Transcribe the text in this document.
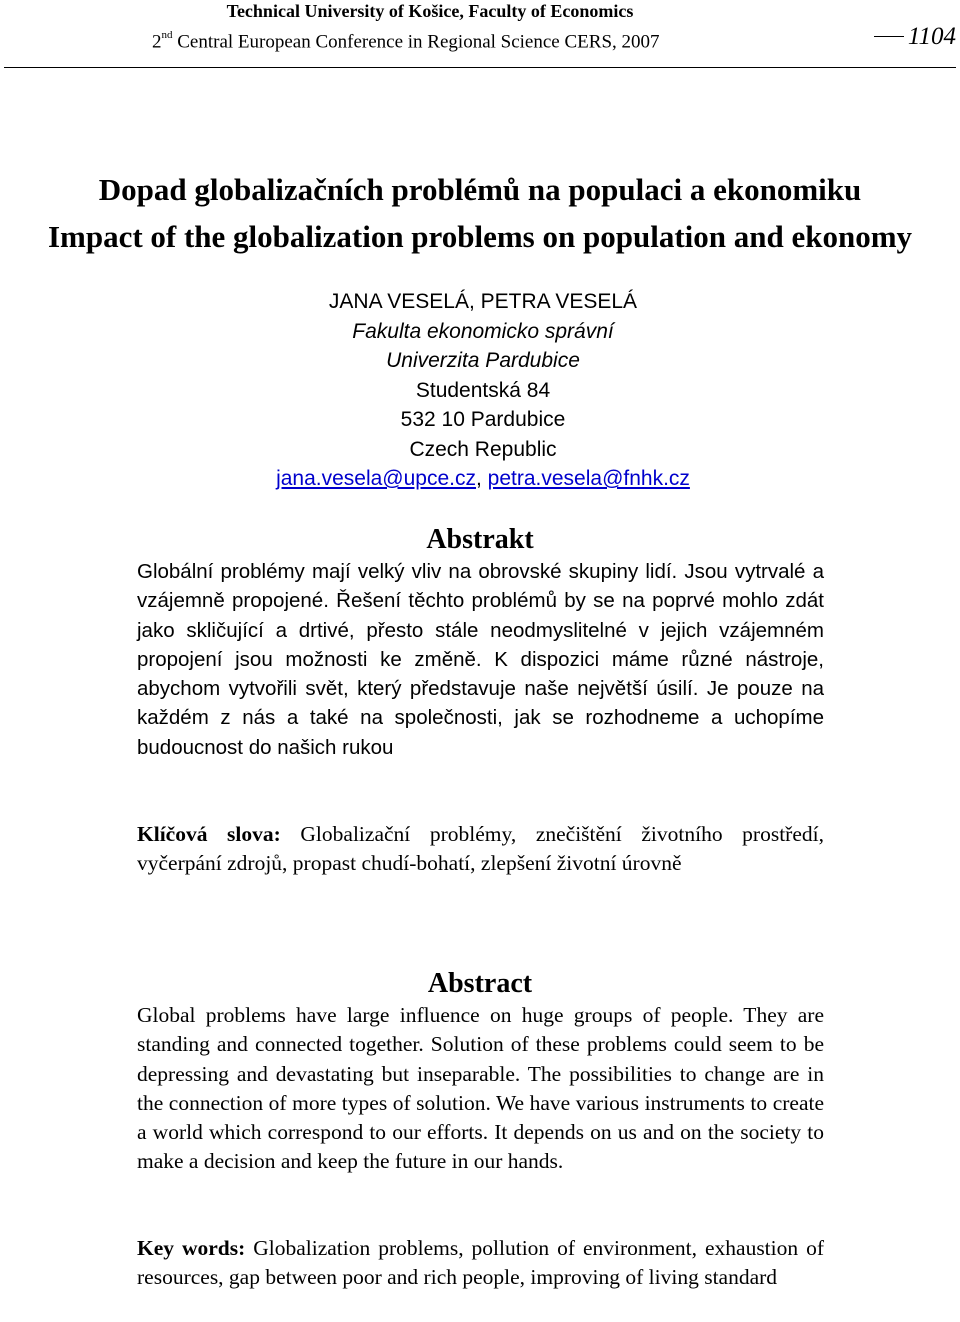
Technical University of Košice, Faculty of Economics
2nd Central European Conference in Regional Science CERS, 2007	1104
Dopad globalizačních problémů na populaci a ekonomiku
Impact of the globalization problems on population and ekonomy
JANA VESELÁ, PETRA VESELÁ
Fakulta ekonomicko správní
Univerzita Pardubice
Studentská 84
532 10 Pardubice
Czech Republic
jana.vesela@upce.cz, petra.vesela@fnhk.cz
Abstrakt
Globální problémy mají velký vliv na obrovské skupiny lidí. Jsou vytrvalé a vzájemně propojené. Řešení těchto problémů by se na poprvé mohlo zdát jako skličující a drtivé, přesto stále neodmyslitelné v jejich vzájemném propojení jsou možnosti ke změně. K dispozici máme různé nástroje, abychom vytvořili svět, který představuje naše největší úsilí. Je pouze na každém z nás a také na společnosti, jak se rozhodneme a uchopíme budoucnost do našich rukou
Klíčová slova: Globalizační problémy, znečištění životního prostředí, vyčerpání zdrojů, propast chudí-bohatí, zlepšení životní úrovně
Abstract
Global problems have large influence on huge groups of people. They are standing and connected together. Solution of these problems could seem to be depressing and devastating but inseparable. The possibilities to change are in the connection of more types of solution. We have various instruments to create a world which correspond to our efforts. It depends on us and on the society to make a decision and keep the future in our hands.
Key words: Globalization problems, pollution of environment, exhaustion of resources, gap between poor and rich people, improving of living standard
